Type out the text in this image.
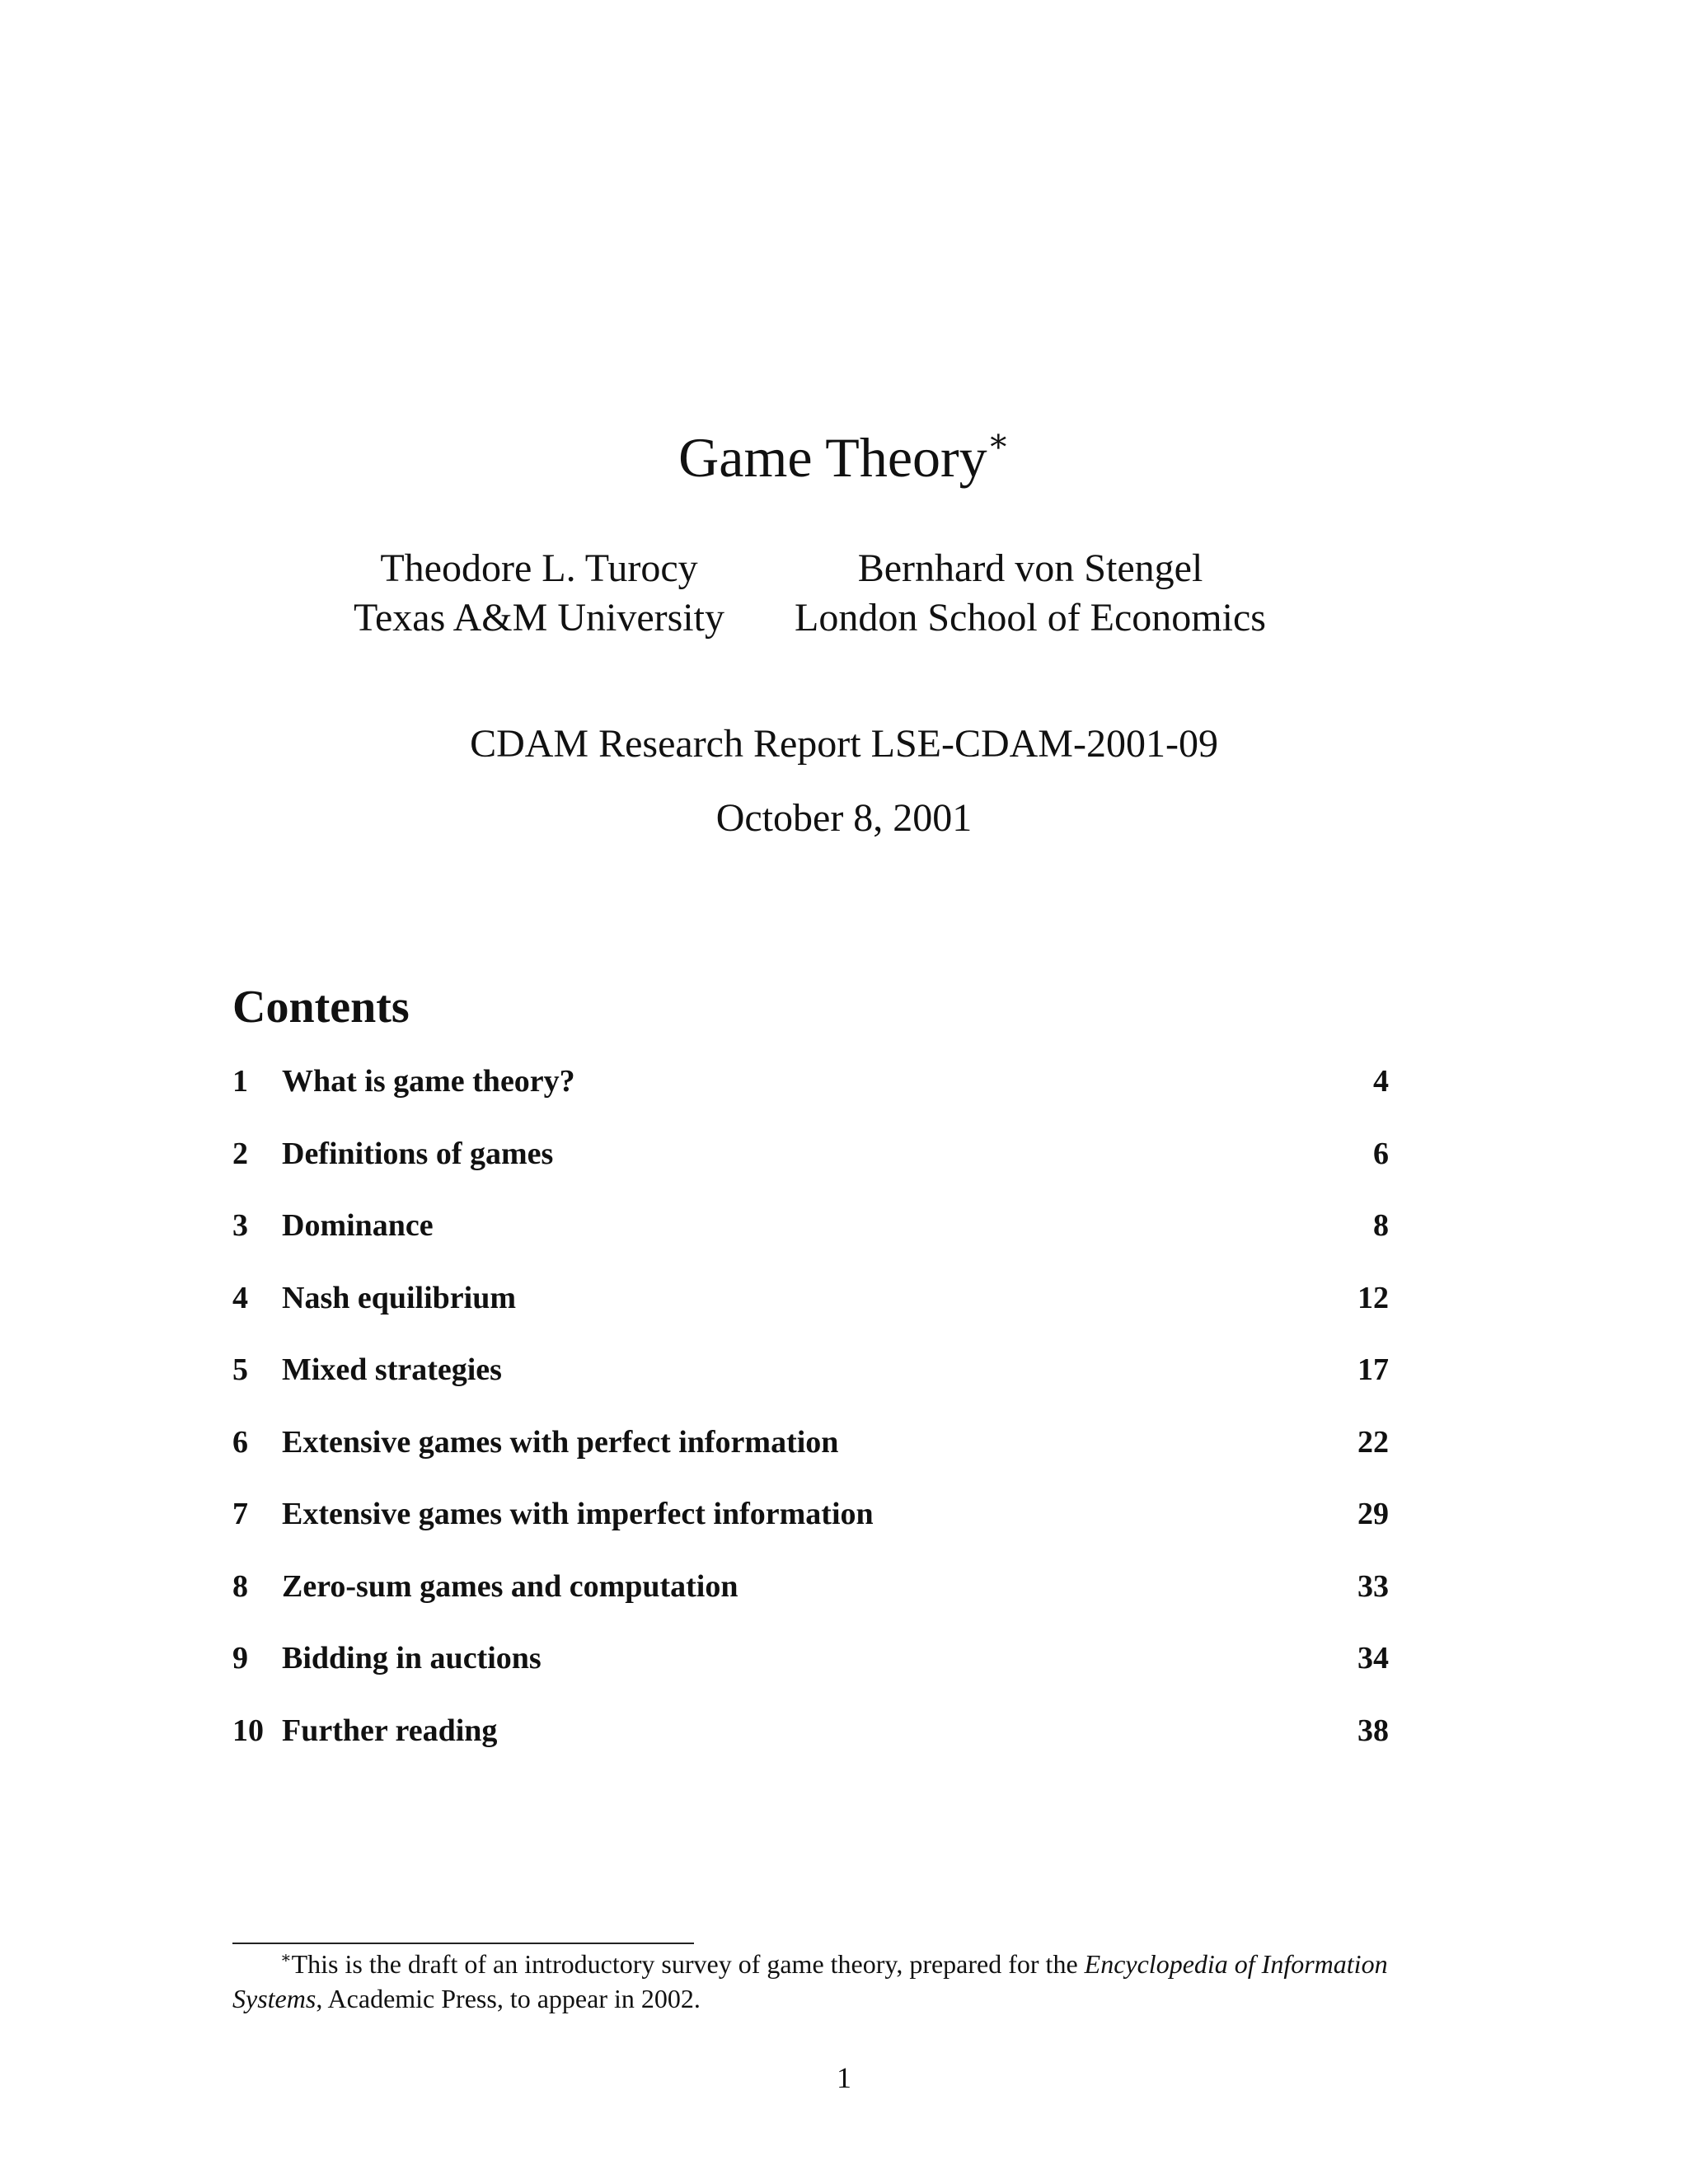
Game Theory∗
Theodore L. Turocy
Texas A&M University
Bernhard von Stengel
London School of Economics
CDAM Research Report LSE-CDAM-2001-09
October 8, 2001
Contents
1 What is game theory?	4
2 Definitions of games	6
3 Dominance	8
4 Nash equilibrium	12
5 Mixed strategies	17
6 Extensive games with perfect information	22
7 Extensive games with imperfect information	29
8 Zero-sum games and computation	33
9 Bidding in auctions	34
10 Further reading	38

∗This is the draft of an introductory survey of game theory, prepared for the Encyclopedia of Information Systems, Academic Press, to appear in 2002.

1
